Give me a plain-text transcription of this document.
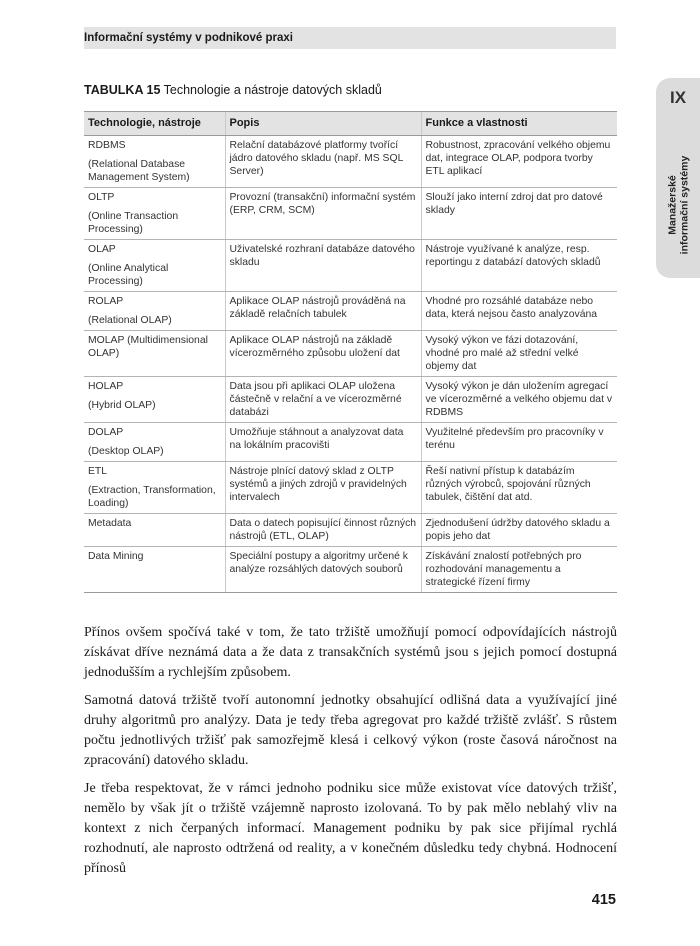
Informační systémy v podnikové praxi
IX
Manažerské
informační systémy
TABULKA 15 Technologie a nástroje datových skladů
Technologie, nástroje	Popis	Funkce a vlastnosti

RDBMS
(Relational Database Management System)	Relační databázové platformy tvořící jádro datového skladu (např. MS SQL Server)	Robustnost, zpracování velkého objemu dat, integrace OLAP, podpora tvorby ETL aplikací

OLTP
(Online Transaction Processing)	Provozní (transakční) informační systém (ERP, CRM, SCM)	Slouží jako interní zdroj dat pro datové sklady

OLAP
(Online Analytical Processing)	Uživatelské rozhraní databáze datového skladu	Nástroje využívané k analýze, resp. reportingu z databází datových skladů

ROLAP
(Relational OLAP)	Aplikace OLAP nástrojů prováděná na základě relačních tabulek	Vhodné pro rozsáhlé databáze nebo data, která nejsou často analyzována

MOLAP (Multidimensional OLAP)	Aplikace OLAP nástrojů na základě vícerozměrného způsobu uložení dat	Vysoký výkon ve fázi dotazování, vhodné pro malé až střední velké objemy dat

HOLAP
(Hybrid OLAP)	Data jsou při aplikaci OLAP uložena částečně v relační a ve vícerozměrné databázi	Vysoký výkon je dán uložením agregací ve vícerozměrné a velkého objemu dat v RDBMS

DOLAP
(Desktop OLAP)	Umožňuje stáhnout a analyzovat data na lokálním pracovišti	Využitelné především pro pracovníky v terénu

ETL
(Extraction, Transformation, Loading)	Nástroje plnící datový sklad z OLTP systémů a jiných zdrojů v pravidelných intervalech	Řeší nativní přístup k databázím různých výrobců, spojování různých tabulek, čištění dat atd.

Metadata	Data o datech popisující činnost různých nástrojů (ETL, OLAP)	Zjednodušení údržby datového skladu a popis jeho dat

Data Mining	Speciální postupy a algoritmy určené k analýze rozsáhlých datových souborů	Získávání znalostí potřebných pro rozhodování managementu a strategické řízení firmy

Přínos ovšem spočívá také v tom, že tato tržiště umožňují pomocí odpovídajících nástrojů získávat dříve neznámá data a že data z transakčních systémů jsou s jejich pomocí dostupná jednodušším a rychlejším způsobem.

Samotná datová tržiště tvoří autonomní jednotky obsahující odlišná data a využívající jiné druhy algoritmů pro analýzy. Data je tedy třeba agregovat pro každé tržiště zvlášť. S růstem počtu jednotlivých tržišť pak samozřejmě klesá i celkový výkon (roste časová náročnost na zpracování) datového skladu.

Je třeba respektovat, že v rámci jednoho podniku sice může existovat více datových tržišť, nemělo by však jít o tržiště vzájemně naprosto izolovaná. To by pak mělo neblahý vliv na kontext z nich čerpaných informací. Management podniku by pak sice přijímal rychlá rozhodnutí, ale naprosto odtržená od reality, a v konečném důsledku tedy chybná. Hodnocení přínosů

415
